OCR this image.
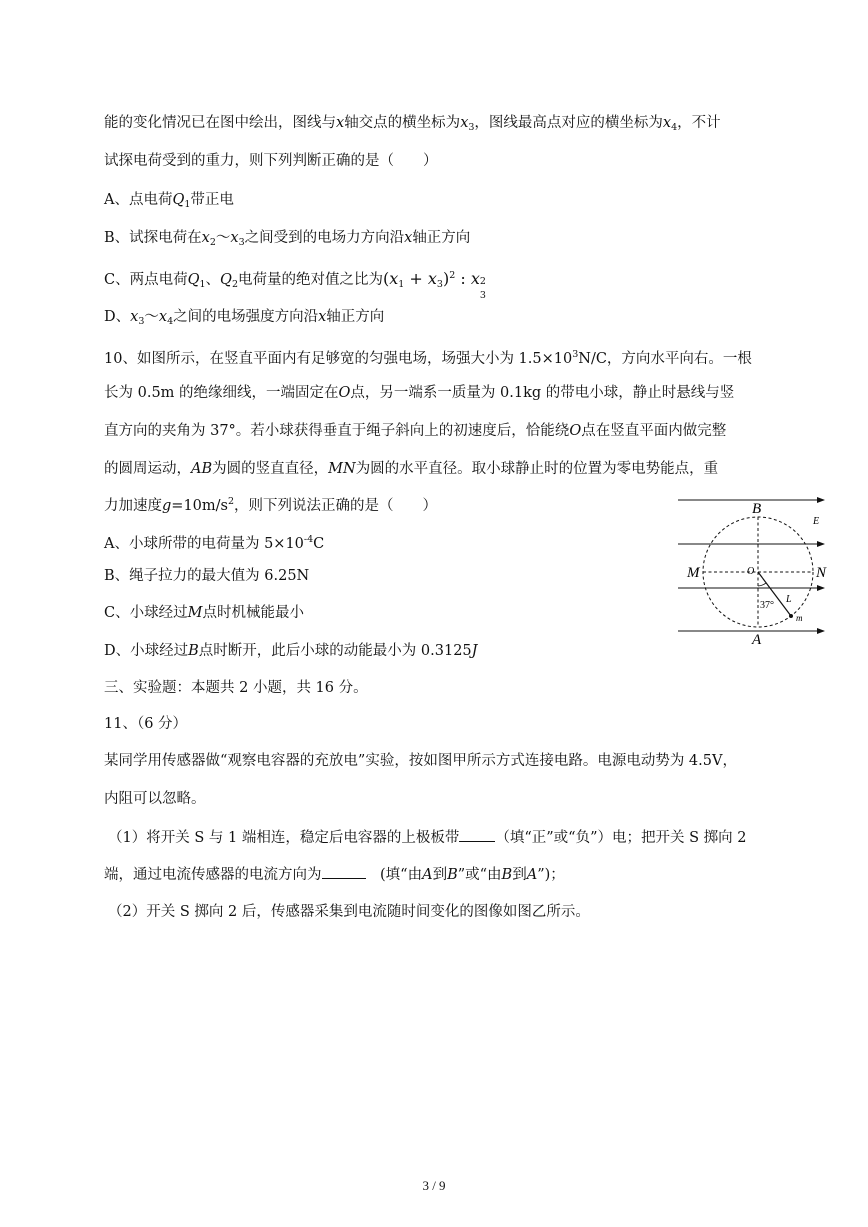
能的变化情况已在图中绘出，图线与x轴交点的横坐标为$x_3$，图线最高点对应的横坐标为$x_4$，不计
试探电荷受到的重力，则下列判断正确的是（　　）
A、点电荷$Q_1$带正电
B、试探电荷在$x_2\sim x_3$之间受到的电场力方向沿x轴正方向
C、两点电荷$Q_1$、$Q_2$电荷量的绝对值之比为$(x_1 + x_3)^2$ : x 2
3
D、$x_3\sim x_4$之间的电场强度方向沿x轴正方向
10、如图所示，在竖直平面内有足够宽的匀强电场，场强大小为 $1.5\times 10^3N/C$，方向水平向右。一根
长为 0.5m 的绝缘细线，一端固定在O点，另一端系一质量为 0.1kg 的带电小球，静止时悬线与竖
直方向的夹角为 37°。若小球获得垂直于绳子斜向上的初速度后，恰能绕O点在竖直平面内做完整
的圆周运动，AB为圆的竖直直径，MN为圆的水平直径。取小球静止时的位置为零电势能点，重
力加速度$g=10m/s^2$，则下列说法正确的是（　　）
A、小球所带的电荷量为 $5\times 10^{-4}C$
B、绳子拉力的最大值为 6.25N
C、小球经过M点时机械能最小
D、小球经过B点时断开，此后小球的动能最小为 0.3125J
B
E
M	O	N
37°
L
m
A
三、实验题：本题共 2 小题，共 16 分。
11、（6 分）
某同学用传感器做“观察电容器的充放电”实验，按如图甲所示方式连接电路。电源电动势为 4.5V，
内阻可以忽略。
（1）将开关 S 与 1 端相连，稳定后电容器的上极板带 （填“正”或“负”）电；把开关 S 掷向 2
端，通过电流传感器的电流方向为	　(填“由A到B”或“由B到A”)；
（2）开关 S 掷向 2 后，传感器采集到电流随时间变化的图像如图乙所示。
3 / 9
